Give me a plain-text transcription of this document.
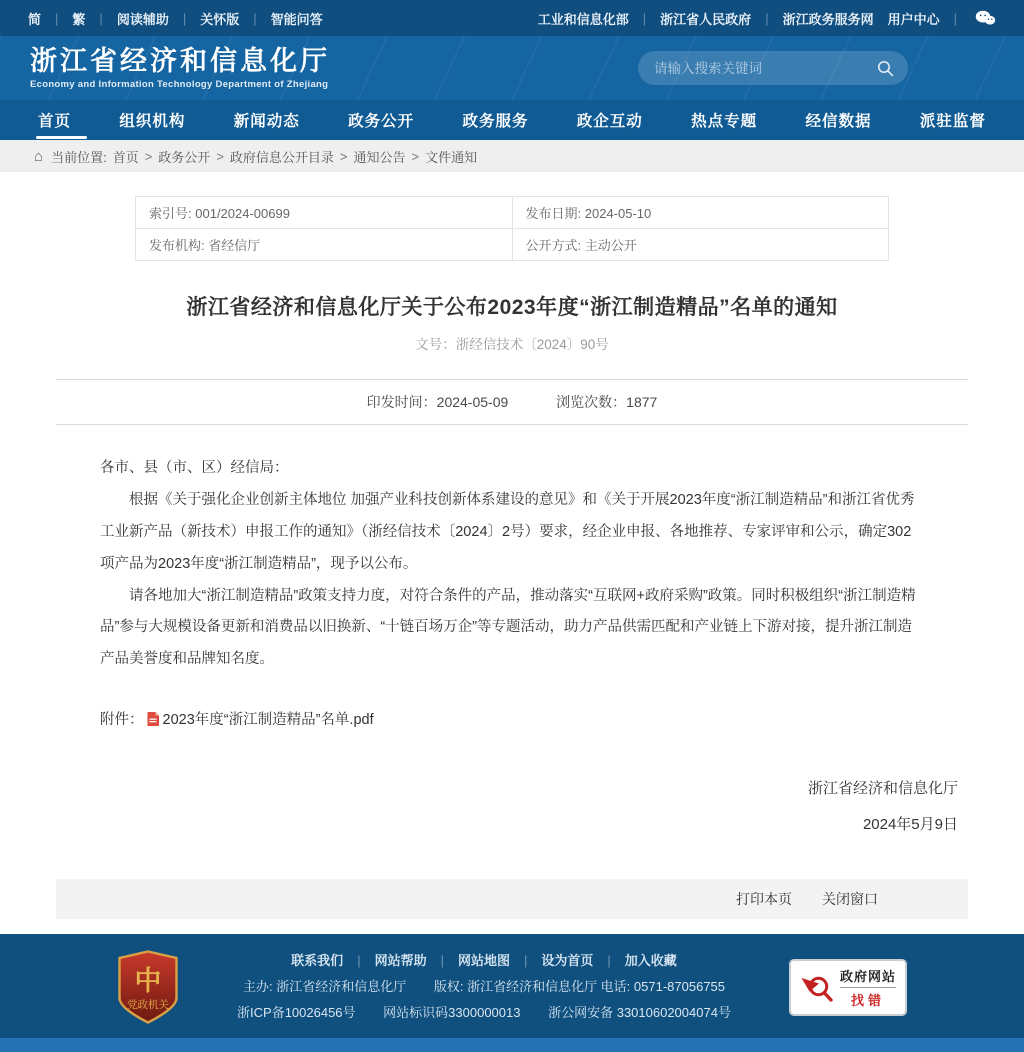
简 | 繁 | 阅读辅助 | 关怀版 | 智能问答	工业和信息化部 | 浙江省人民政府 | 浙江政务服务网 用户中心 |
浙江省经济和信息化厅
Economy and Information Technology Department of Zhejiang
请输入搜索关键词
首页	组织机构	新闻动态	政务公开	政务服务	政企互动	热点专题	经信数据	派驻监督
⌂ 当前位置: 首页 > 政务公开 > 政府信息公开目录 > 通知公告 > 文件通知
索引号: 001/2024-00699	发布日期: 2024-05-10
发布机构: 省经信厅	公开方式: 主动公开
浙江省经济和信息化厅关于公布2023年度“浙江制造精品”名单的通知
文号：浙经信技术〔2024〕90号
印发时间：2024-05-09	浏览次数：1877

各市、县（市、区）经信局：

根据《关于强化企业创新主体地位 加强产业科技创新体系建设的意见》和《关于开展2023年度“浙江制造精品”和浙江省优秀工业新产品（新技术）申报工作的通知》（浙经信技术〔2024〕2号）要求，经企业申报、各地推荐、专家评审和公示，确定302项产品为2023年度“浙江制造精品”，现予以公布。

请各地加大“浙江制造精品”政策支持力度，对符合条件的产品，推动落实“互联网+政府采购”政策。同时积极组织“浙江制造精品”参与大规模设备更新和消费品以旧换新、“十链百场万企”等专题活动，助力产品供需匹配和产业链上下游对接，提升浙江制造产品美誉度和品牌知名度。

附件： 2023年度“浙江制造精品”名单.pdf
浙江省经济和信息化厅
2024年5月9日
打印本页 关闭窗口
中
党政机关
联系我们 | 网站帮助 | 网站地图 | 设为首页 | 加入收藏
主办: 浙江省经济和信息化厅 版权: 浙江省经济和信息化厅 电话: 0571-87056755
浙ICP备10026456号 网站标识码3300000013 浙公网安备 33010602004074号
政府网站
找错
